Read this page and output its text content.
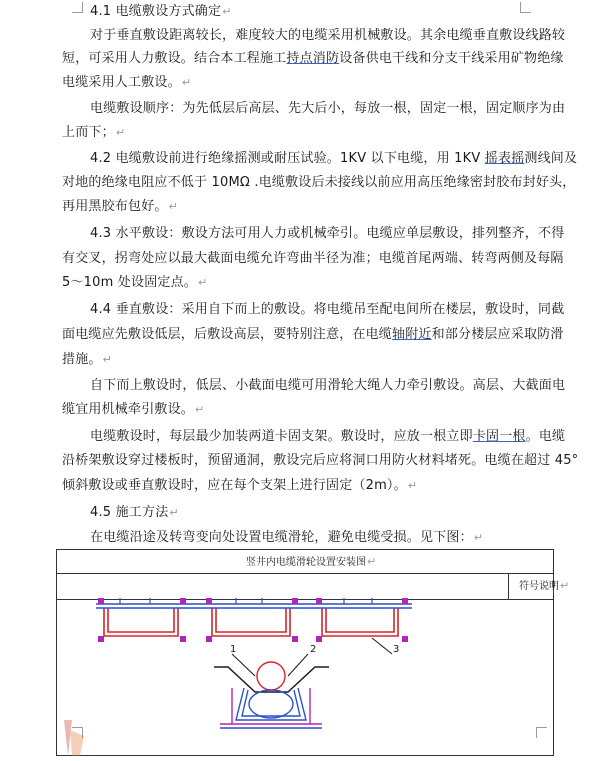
4.1 电缆敷设方式确定↵
对于垂直敷设距离较长，难度较大的电缆采用机械敷设。其余电缆垂直敷设线路较
短，可采用人力敷设。结合本工程施工持点消防设备供电干线和分支干线采用矿物绝缘
电缆采用人工敷设。↵
电缆敷设顺序：为先低层后高层、先大后小，每放一根，固定一根，固定顺序为由
上而下；↵
4.2 电缆敷设前进行绝缘摇测或耐压试验。1KV 以下电缆，用 1KV 摇表摇测线间及
对地的绝缘电阻应不低于 10MΩ .电缆敷设后未接线以前应用高压绝缘密封胶布封好头，
再用黑胶布包好。↵
4.3 水平敷设：敷设方法可用人力或机械牵引。电缆应单层敷设，排列整齐，不得
有交叉，拐弯处应以最大截面电缆允许弯曲半径为准；电缆首尾两端、转弯两侧及每隔
5～10m 处设固定点。↵
4.4 垂直敷设：采用自下而上的敷设。将电缆吊至配电间所在楼层，敷设时，同截
面电缆应先敷设低层，后敷设高层，要特别注意，在电缆轴附近和部分楼层应采取防滑
措施。↵
自下而上敷设时，低层、小截面电缆可用滑轮大绳人力牵引敷设。高层、大截面电
缆宜用机械牵引敷设。↵
电缆敷设时，每层最少加装两道卡固支架。敷设时，应放一根立即卡固一根。电缆
沿桥架敷设穿过楼板时，预留通洞，敷设完后应将洞口用防火材料堵死。电缆在超过 45°
倾斜敷设或垂直敷设时，应在每个支架上进行固定（2m）。↵
4.5 施工方法↵
在电缆沿途及转弯变向处设置电缆滑轮，避免电缆受损。见下图：↵
竖井内电缆滑轮设置安装图↵
符号说明↵
1	2	3
